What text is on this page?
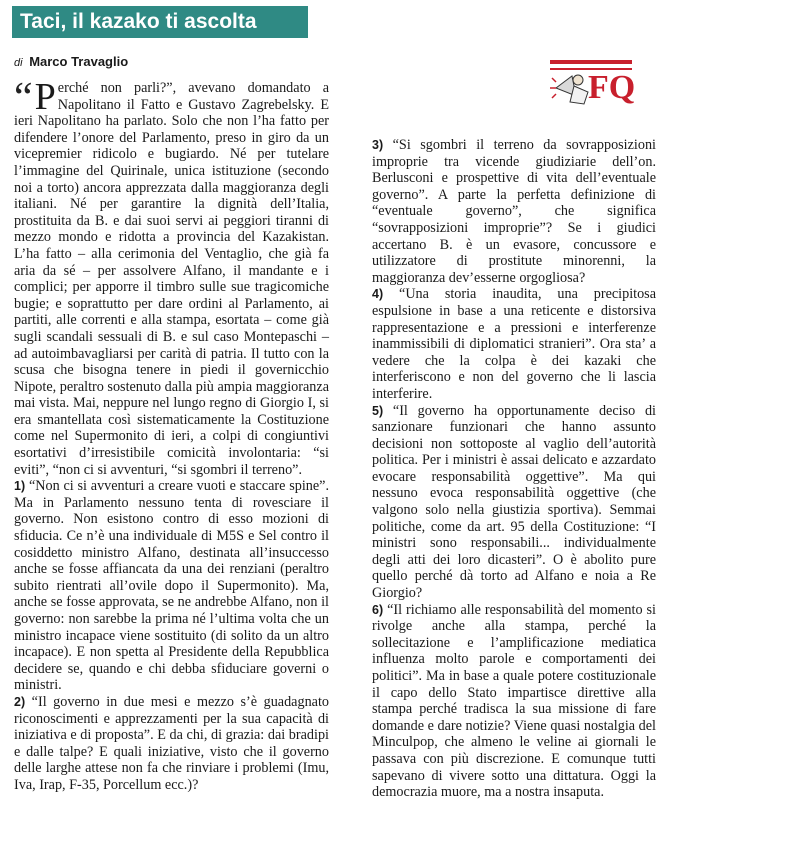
Taci, il kazako ti ascolta
di Marco Travaglio
FQ

“ P erché non parli?”, avevano domandato a Napolitano il Fatto e Gustavo Zagrebelsky. E ieri Napolitano ha parlato. Solo che non l’ha fatto per difendere l’onore del Parlamento, preso in giro da un vicepremier ridicolo e bugiardo. Né per tutelare l’immagine del Quirinale, unica istituzione (secondo noi a torto) ancora apprezzata dalla maggioranza degli italiani. Né per garantire la dignità dell’Italia, prostituita da B. e dai suoi servi ai peggiori tiranni di mezzo mondo e ridotta a provincia del Kazakistan. L’ha fatto – alla cerimonia del Ventaglio, che già fa aria da sé – per assolvere Alfano, il mandante e i complici; per apporre il timbro sulle sue tragicomiche bugie; e soprattutto per dare ordini al Parlamento, ai partiti, alle correnti e alla stampa, esortata – come già sugli scandali sessuali di B. e sul caso Montepaschi – ad autoimbavagliarsi per carità di patria. Il tutto con la scusa che bisogna tenere in piedi il governicchio Nipote, peraltro sostenuto dalla più ampia maggioranza mai vista. Mai, neppure nel lungo regno di Giorgio I, si era smantellata così sistematicamente la Costituzione come nel Supermonito di ieri, a colpi di congiuntivi esortativi d’irresistibile comicità involontaria: “si eviti”, “non ci si avventuri, “si sgombri il terreno”.

1) “Non ci si avventuri a creare vuoti e staccare spine”. Ma in Parlamento nessuno tenta di rovesciare il governo. Non esistono contro di esso mozioni di sfiducia. Ce n’è una individuale di M5S e Sel contro il cosiddetto ministro Alfano, destinata all’insuccesso anche se fosse affiancata da una dei renziani (peraltro subito rientrati all’ovile dopo il Supermonito). Ma, anche se fosse approvata, se ne andrebbe Alfano, non il governo: non sarebbe la prima né l’ultima volta che un ministro incapace viene sostituito (di solito da un altro incapace). E non spetta al Presidente della Repubblica decidere se, quando e chi debba sfiduciare governi o ministri.

2) “Il governo in due mesi e mezzo s’è guadagnato riconoscimenti e apprezzamenti per la sua capacità di iniziativa e di proposta”. E da chi, di grazia: dai bradipi e dalle talpe? E quali iniziative, visto che il governo delle larghe attese non fa che rinviare i problemi (Imu, Iva, Irap, F-35, Porcellum ecc.)?

3) “Si sgombri il terreno da sovrapposizioni improprie tra vicende giudiziarie dell’on. Berlusconi e prospettive di vita dell’eventuale governo”. A parte la perfetta definizione di “eventuale governo”, che significa “sovrapposizioni improprie”? Se i giudici accertano B. è un evasore, concussore e utilizzatore di prostitute minorenni, la maggioranza dev’esserne orgogliosa?

4) “Una storia inaudita, una precipitosa espulsione in base a una reticente e distorsiva rappresentazione e a pressioni e interferenze inammissibili di diplomatici stranieri”. Ora sta’ a vedere che la colpa è dei kazaki che interferiscono e non del governo che li lascia interferire.

5) “Il governo ha opportunamente deciso di sanzionare funzionari che hanno assunto decisioni non sottoposte al vaglio dell’autorità politica. Per i ministri è assai delicato e azzardato evocare responsabilità oggettive”. Ma qui nessuno evoca responsabilità oggettive (che valgono solo nella giustizia sportiva). Semmai politiche, come da art. 95 della Costituzione: “I ministri sono responsabili... individualmente degli atti dei loro dicasteri”. O è abolito pure quello perché dà torto ad Alfano e noia a Re Giorgio?

6) “Il richiamo alle responsabilità del momento si rivolge anche alla stampa, perché la sollecitazione e l’amplificazione mediatica influenza molto parole e comportamenti dei politici”. Ma in base a quale potere costituzionale il capo dello Stato impartisce direttive alla stampa perché tradisca la sua missione di fare domande e dare notizie? Viene quasi nostalgia del Minculpop, che almeno le veline ai giornali le passava con più discrezione. E comunque tutti sapevano di vivere sotto una dittatura. Oggi la democrazia muore, ma a nostra insaputa.
